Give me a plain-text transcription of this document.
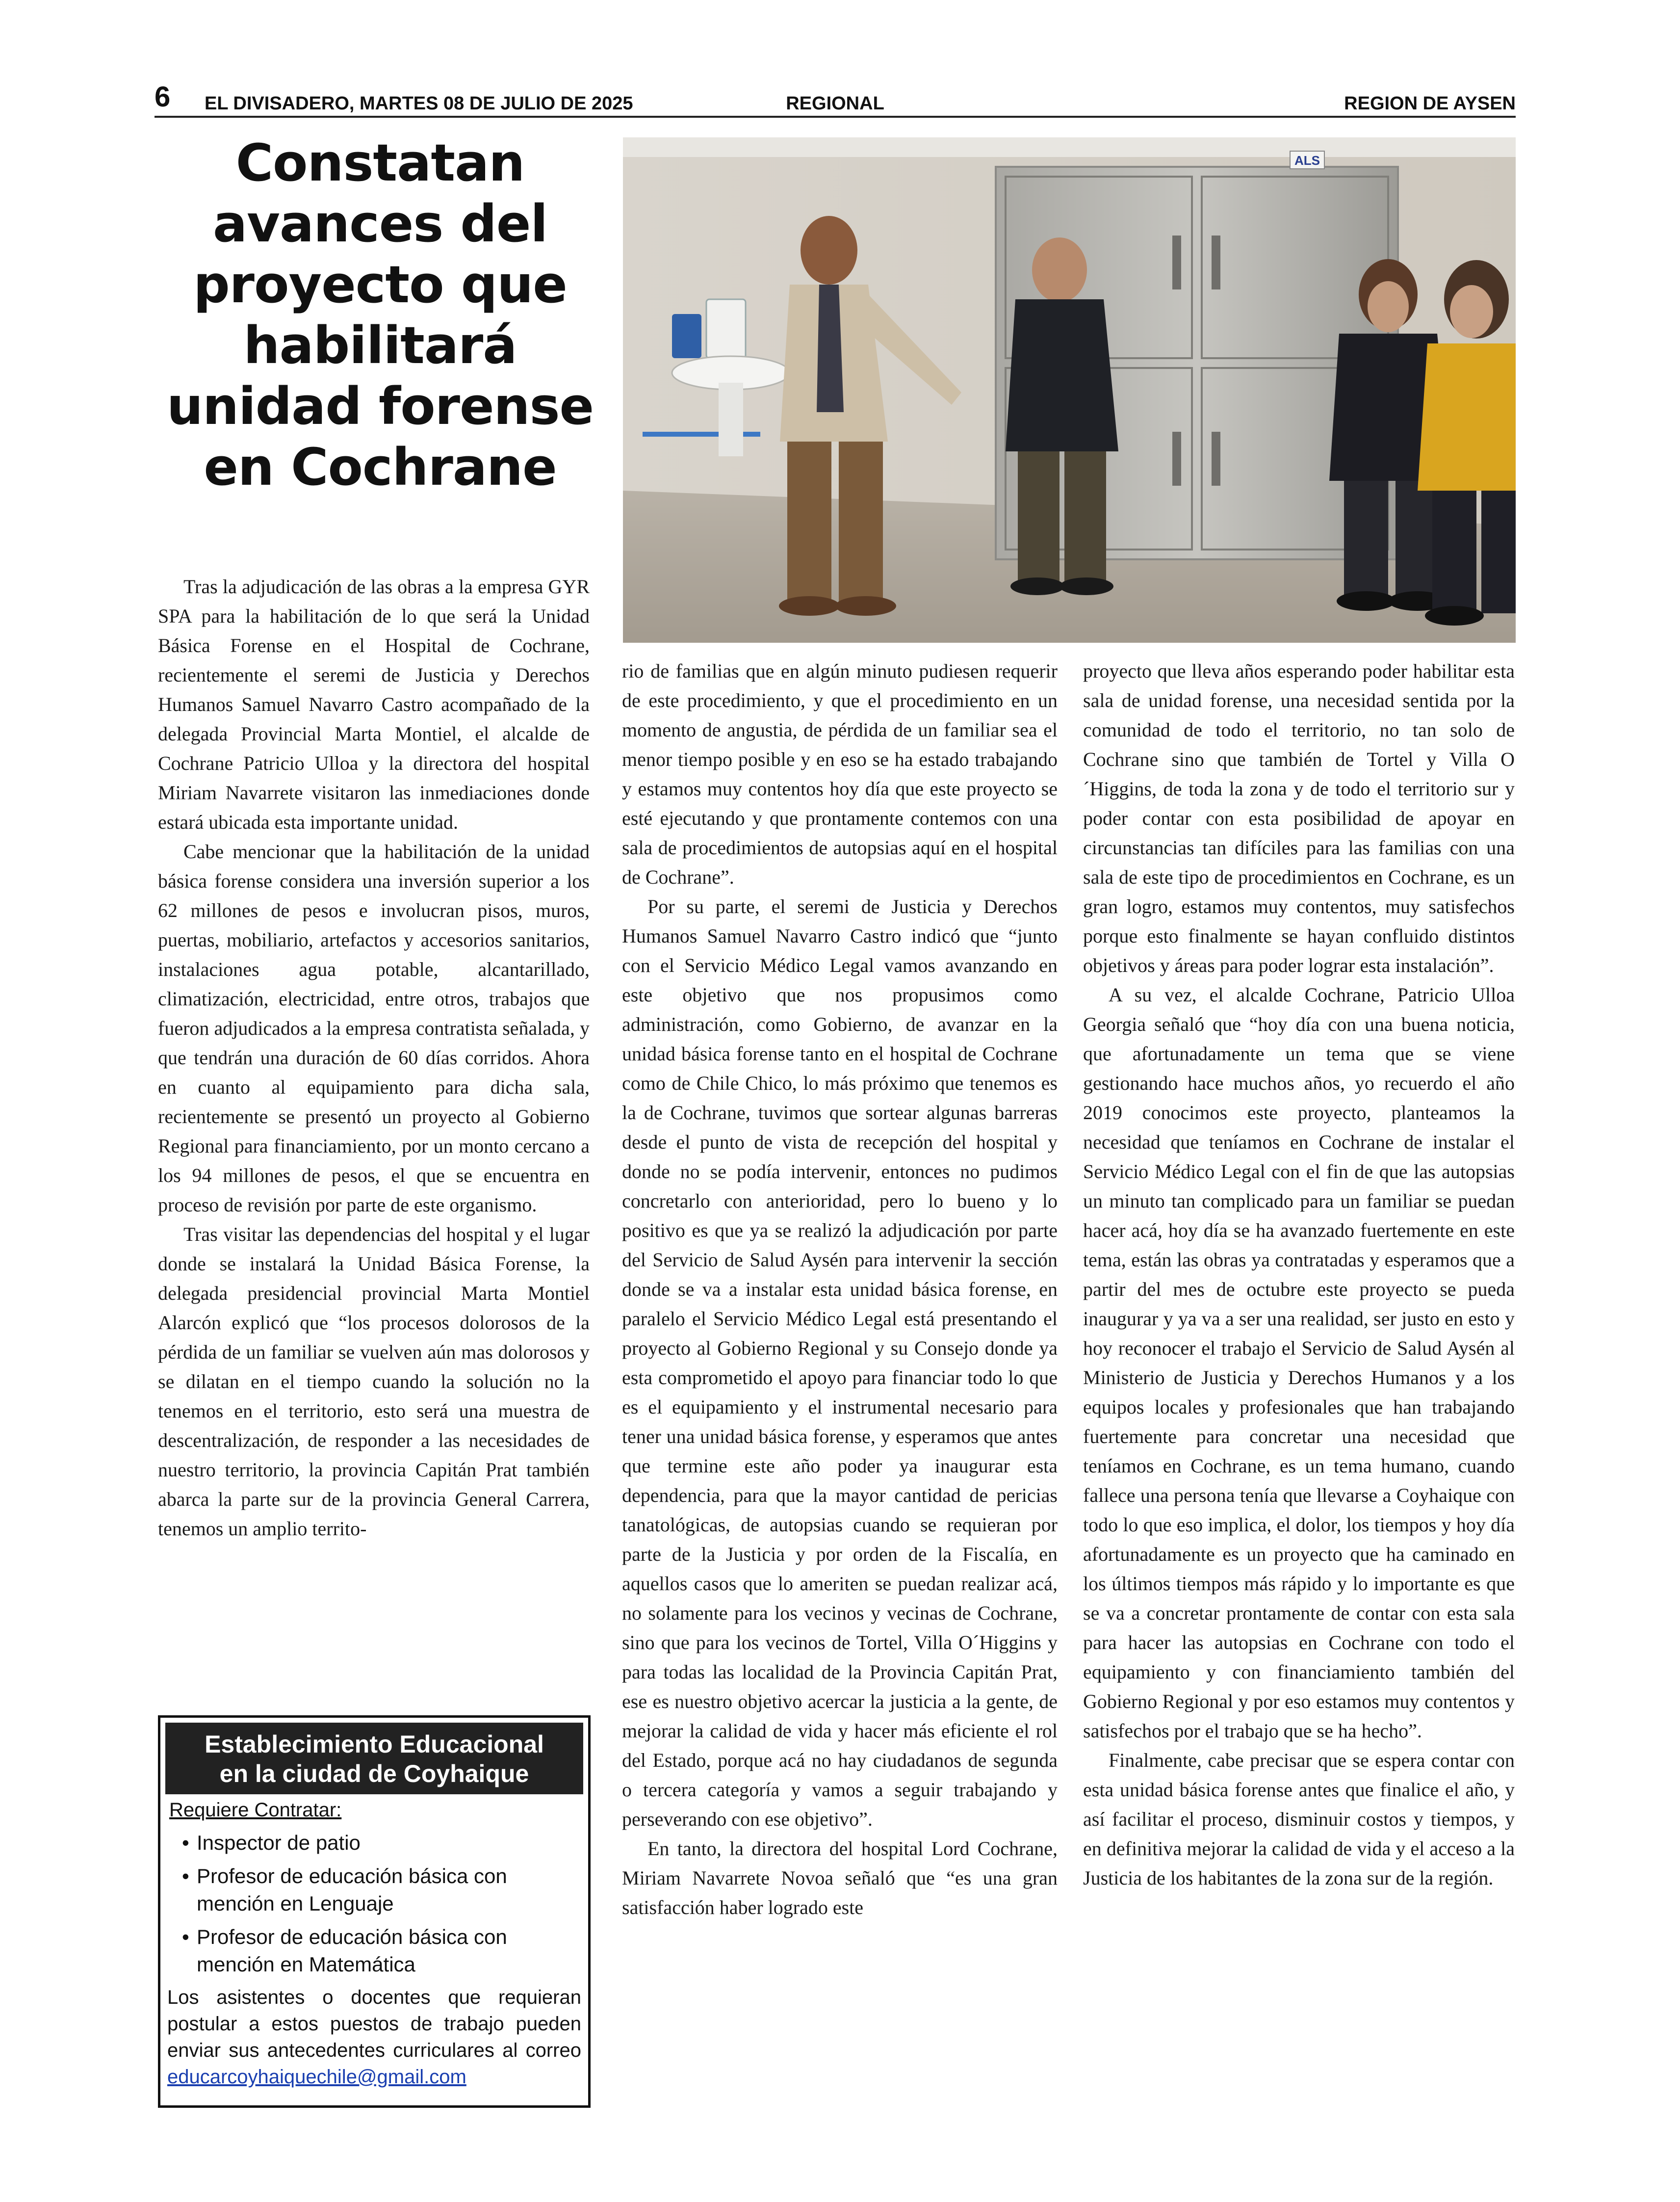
6 EL DIVISADERO, MARTES 08 DE JULIO DE 2025	REGIONAL	REGION DE AYSEN
Constatan
avances del
proyecto que
habilitará
unidad forense
en Cochrane
ALS

Tras la adjudicación de las obras a la empresa GYR SPA para la habilitación de lo que será la Unidad Básica Forense en el Hospital de Cochrane, recientemente el seremi de Justicia y Derechos Humanos Samuel Navarro Castro acompañado de la delegada Provincial Marta Montiel, el alcalde de Cochrane Patricio Ulloa y la directora del hospital Miriam Navarrete visitaron las inmediaciones donde estará ubicada esta importante unidad.

Cabe mencionar que la habilitación de la unidad básica forense considera una inversión superior a los 62 millones de pesos e involucran pisos, muros, puertas, mobiliario, artefactos y accesorios sanitarios, instalaciones agua potable, alcantarillado, climatización, electricidad, entre otros, trabajos que fueron adjudicados a la empresa contratista señalada, y que tendrán una duración de 60 días corridos. Ahora en cuanto al equipamiento para dicha sala, recientemente se presentó un proyecto al Gobierno Regional para financiamiento, por un monto cercano a los 94 millones de pesos, el que se encuentra en proceso de revisión por parte de este organismo.

Tras visitar las dependencias del hospital y el lugar donde se instalará la Unidad Básica Forense, la delegada presidencial provincial Marta Montiel Alarcón explicó que “los procesos dolorosos de la pérdida de un familiar se vuelven aún mas dolorosos y se dilatan en el tiempo cuando la solución no la tenemos en el territorio, esto será una muestra de descentralización, de responder a las necesidades de nuestro territorio, la provincia Capitán Prat también abarca la parte sur de la provincia General Carrera, tenemos un amplio territo-

rio de familias que en algún minuto pudiesen requerir de este procedimiento, y que el procedimiento en un momento de angustia, de pérdida de un familiar sea el menor tiempo posible y en eso se ha estado trabajando y estamos muy contentos hoy día que este proyecto se esté ejecutando y que prontamente contemos con una sala de procedimientos de autopsias aquí en el hospital de Cochrane”.

Por su parte, el seremi de Justicia y Derechos Humanos Samuel Navarro Castro indicó que “junto con el Servicio Médico Legal vamos avanzando en este objetivo que nos propusimos como administración, como Gobierno, de avanzar en la unidad básica forense tanto en el hospital de Cochrane como de Chile Chico, lo más próximo que tenemos es la de Cochrane, tuvimos que sortear algunas barreras desde el punto de vista de recepción del hospital y donde no se podía intervenir, entonces no pudimos concretarlo con anterioridad, pero lo bueno y lo positivo es que ya se realizó la adjudicación por parte del Servicio de Salud Aysén para intervenir la sección donde se va a instalar esta unidad básica forense, en paralelo el Servicio Médico Legal está presentando el proyecto al Gobierno Regional y su Consejo donde ya esta comprometido el apoyo para financiar todo lo que es el equipamiento y el instrumental necesario para tener una unidad básica forense, y esperamos que antes que termine este año poder ya inaugurar esta dependencia, para que la mayor cantidad de pericias tanatológicas, de autopsias cuando se requieran por parte de la Justicia y por orden de la Fiscalía, en aquellos casos que lo ameriten se puedan realizar acá, no solamente para los vecinos y vecinas de Cochrane, sino que para los vecinos de Tortel, Villa O´Higgins y para todas las localidad de la Provincia Capitán Prat, ese es nuestro objetivo acercar la justicia a la gente, de mejorar la calidad de vida y hacer más eficiente el rol del Estado, porque acá no hay ciudadanos de segunda o tercera categoría y vamos a seguir trabajando y perseverando con ese objetivo”.

En tanto, la directora del hospital Lord Cochrane, Miriam Navarrete Novoa señaló que “es una gran satisfacción haber logrado este

proyecto que lleva años esperando poder habilitar esta sala de unidad forense, una necesidad sentida por la comunidad de todo el territorio, no tan solo de Cochrane sino que también de Tortel y Villa O´Higgins, de toda la zona y de todo el territorio sur y poder contar con esta posibilidad de apoyar en circunstancias tan difíciles para las familias con una sala de este tipo de procedimientos en Cochrane, es un gran logro, estamos muy contentos, muy satisfechos porque esto finalmente se hayan confluido distintos objetivos y áreas para poder lograr esta instalación”.

A su vez, el alcalde Cochrane, Patricio Ulloa Georgia señaló que “hoy día con una buena noticia, que afortunadamente un tema que se viene gestionando hace muchos años, yo recuerdo el año 2019 conocimos este proyecto, planteamos la necesidad que teníamos en Cochrane de instalar el Servicio Médico Legal con el fin de que las autopsias un minuto tan complicado para un familiar se puedan hacer acá, hoy día se ha avanzado fuertemente en este tema, están las obras ya contratadas y esperamos que a partir del mes de octubre este proyecto se pueda inaugurar y ya va a ser una realidad, ser justo en esto y hoy reconocer el trabajo el Servicio de Salud Aysén al Ministerio de Justicia y Derechos Humanos y a los equipos locales y profesionales que han trabajando fuertemente para concretar una necesidad que teníamos en Cochrane, es un tema humano, cuando fallece una persona tenía que llevarse a Coyhaique con todo lo que eso implica, el dolor, los tiempos y hoy día afortunadamente es un proyecto que ha caminado en los últimos tiempos más rápido y lo importante es que se va a concretar prontamente de contar con esta sala para hacer las autopsias en Cochrane con todo el equipamiento y con financiamiento también del Gobierno Regional y por eso estamos muy contentos y satisfechos por el trabajo que se ha hecho”.

Finalmente, cabe precisar que se espera contar con esta unidad básica forense antes que finalice el año, y así facilitar el proceso, disminuir costos y tiempos, y en definitiva mejorar la calidad de vida y el acceso a la Justicia de los habitantes de la zona sur de la región.

Establecimiento Educacional
en la ciudad de Coyhaique
Requiere Contratar:
• Inspector de patio
• Profesor de educación básica con mención en Lenguaje
• Profesor de educación básica con mención en Matemática
Los asistentes o docentes que requieran postular a estos puestos de trabajo pueden enviar sus antecedentes curriculares al correo educarcoyhaiquechile@gmail.com
